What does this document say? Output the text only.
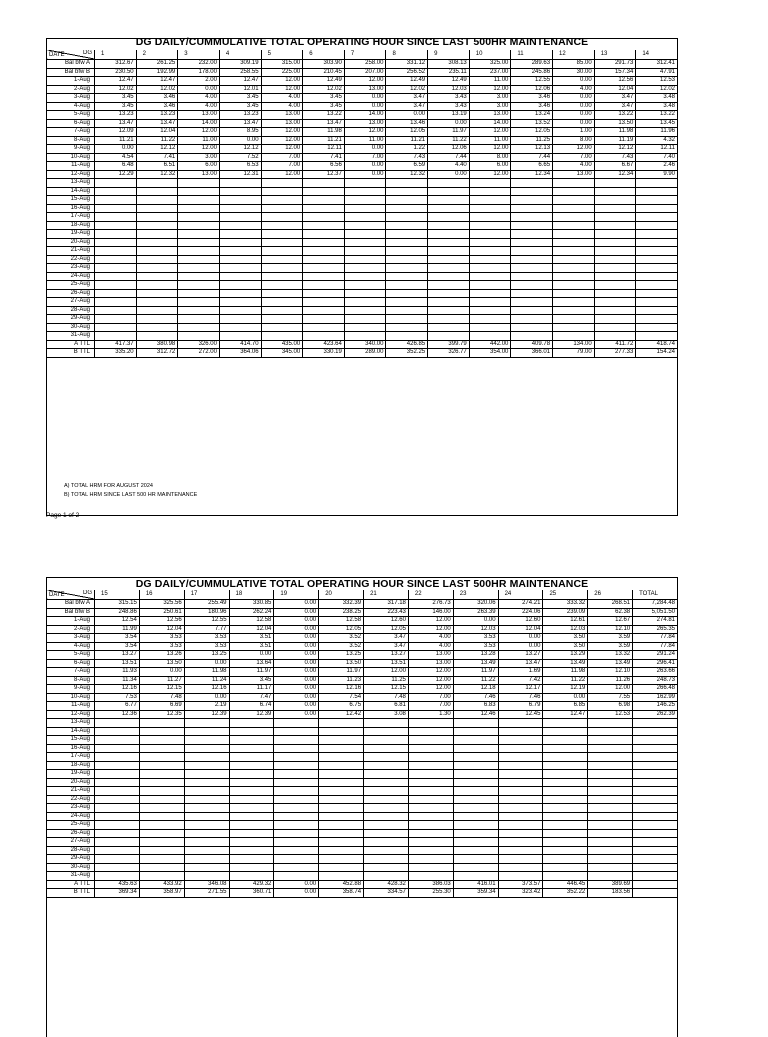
DG DAILY/CUMMULATIVE TOTAL OPERATING HOUR SINCE LAST 500HR MAINTENANCE
DG
DATE	1	2	3	4	5	6	7	8	9	10	11	12	13	14
Bal bfw A	312.67	261.25	232.00	309.19	315.00	303.90	258.00	331.12	308.13	325.00	289.63	85.00	291.73	312.41
Bal bfw B	230.50	192.99	178.00	258.55	225.00	210.45	207.00	256.52	235.11	237.00	245.86	30.00	157.34	47.91
1-Aug	12.47	12.47	2.00	12.47	12.00	12.49	12.00	12.49	12.49	11.00	12.55	0.00	12.56	12.53
2-Aug	12.02	12.02	0.00	12.01	12.00	12.02	13.00	12.02	12.03	12.00	12.06	4.00	12.04	12.02
3-Aug	3.45	3.46	4.00	3.45	4.00	3.45	0.00	3.47	3.43	3.00	3.46	0.00	3.47	3.48
4-Aug	3.45	3.46	4.00	3.45	4.00	3.45	0.00	3.47	3.43	3.00	3.46	0.00	3.47	3.48
5-Aug	13.23	13.23	13.00	13.23	13.00	13.22	14.00	0.00	13.19	13.00	13.24	0.00	13.22	13.22
6-Aug	13.47	13.47	14.00	13.47	13.00	13.47	13.00	13.46	0.00	14.00	13.52	0.00	13.50	13.45
7-Aug	12.09	12.04	12.00	8.95	12.00	11.98	12.00	12.05	11.97	12.00	12.05	1.00	11.98	11.96
8-Aug	11.21	11.22	11.00	0.00	12.00	11.21	11.00	11.21	11.22	11.00	11.25	8.00	11.19	4.32
9-Aug	0.00	12.12	12.00	12.12	12.00	12.11	0.00	1.22	12.06	12.00	12.13	12.00	12.12	12.11
10-Aug	4.54	7.41	3.00	7.52	7.00	7.41	7.00	7.43	7.44	8.00	7.44	7.00	7.43	7.40
11-Aug	6.48	6.51	6.00	6.53	7.00	6.56	0.00	6.59	4.40	6.00	6.65	4.00	6.67	2.46
12-Aug	12.29	12.32	13.00	12.31	12.00	12.37	0.00	12.32	0.00	12.00	12.34	13.00	12.34	9.90
13-Aug														
14-Aug														
15-Aug														
16-Aug														
17-Aug														
18-Aug														
19-Aug														
20-Aug														
21-Aug														
22-Aug														
23-Aug														
24-Aug														
25-Aug														
26-Aug														
27-Aug														
28-Aug														
29-Aug														
30-Aug														
31-Aug														
A TTL	417.37	380.98	326.00	414.70	435.00	423.64	340.00	426.85	399.79	442.00	409.78	134.00	411.72	418.74
B TTL	335.20	312.72	272.00	364.06	345.00	330.19	289.00	352.25	326.77	354.00	366.01	79.00	277.33	154.24
A) TOTAL HRM FOR AUGUST 2024
B) TOTAL HRM SINCE LAST 500 HR MAINTENANCE
Page 1 of 2
DG DAILY/CUMMULATIVE TOTAL OPERATING HOUR SINCE LAST 500HR MAINTENANCE
DG
DATE	15	16	17	18	19	20	21	22	23	24	25	26	TOTAL
Bal bfw A	315.15	325.56	255.49	330.85	0.00	332.39	317.18	276.73	320.06	274.21	333.32	268.51	7,284.48
Bal bfw B	248.86	250.61	180.96	262.24	0.00	238.25	223.43	146.00	263.39	224.06	239.09	62.38	5,051.50
1-Aug	12.54	12.56	12.55	12.58	0.00	12.58	12.60	12.00	0.00	12.60	12.61	12.67	274.81
2-Aug	11.99	12.04	7.77	12.04	0.00	12.05	12.05	12.00	12.03	12.04	12.03	12.10	265.35
3-Aug	3.54	3.53	3.53	3.51	0.00	3.52	3.47	4.00	3.53	0.00	3.50	3.59	77.84
4-Aug	3.54	3.53	3.53	3.51	0.00	3.52	3.47	4.00	3.53	0.00	3.50	3.59	77.84
5-Aug	13.27	13.26	13.25	0.00	0.00	13.25	13.27	13.00	13.28	13.27	13.29	13.32	291.24
6-Aug	13.51	13.50	0.00	13.64	0.00	13.50	13.51	13.00	13.49	13.47	13.49	13.49	296.41
7-Aug	11.93	0.00	11.98	11.97	0.00	11.97	12.00	12.00	11.97	1.69	11.98	12.10	263.66
8-Aug	11.34	11.27	11.24	3.45	0.00	11.23	11.25	12.00	11.22	7.42	11.22	11.26	248.73
9-Aug	12.16	12.15	12.16	11.17	0.00	12.16	12.15	12.00	12.18	12.17	12.19	12.00	266.48
10-Aug	7.53	7.48	0.00	7.47	0.00	7.54	7.48	7.00	7.46	7.46	0.00	7.55	162.99
11-Aug	6.77	6.69	2.19	6.74	0.00	6.75	6.81	7.00	6.83	6.79	6.85	6.98	146.25
12-Aug	12.36	12.35	12.39	12.39	0.00	12.42	3.08	1.30	12.46	12.45	12.47	12.53	262.39
13-Aug													
14-Aug													
15-Aug													
16-Aug													
17-Aug													
18-Aug													
19-Aug													
20-Aug													
21-Aug													
22-Aug													
23-Aug													
24-Aug													
25-Aug													
26-Aug													
27-Aug													
28-Aug													
29-Aug													
30-Aug													
31-Aug													
A TTL	435.63	433.92	346.08	429.32	0.00	452.88	428.32	386.03	416.01	373.57	446.45	389.69	
B TTL	369.34	358.97	271.55	360.71	0.00	358.74	334.57	255.30	359.34	323.42	352.22	183.56	
